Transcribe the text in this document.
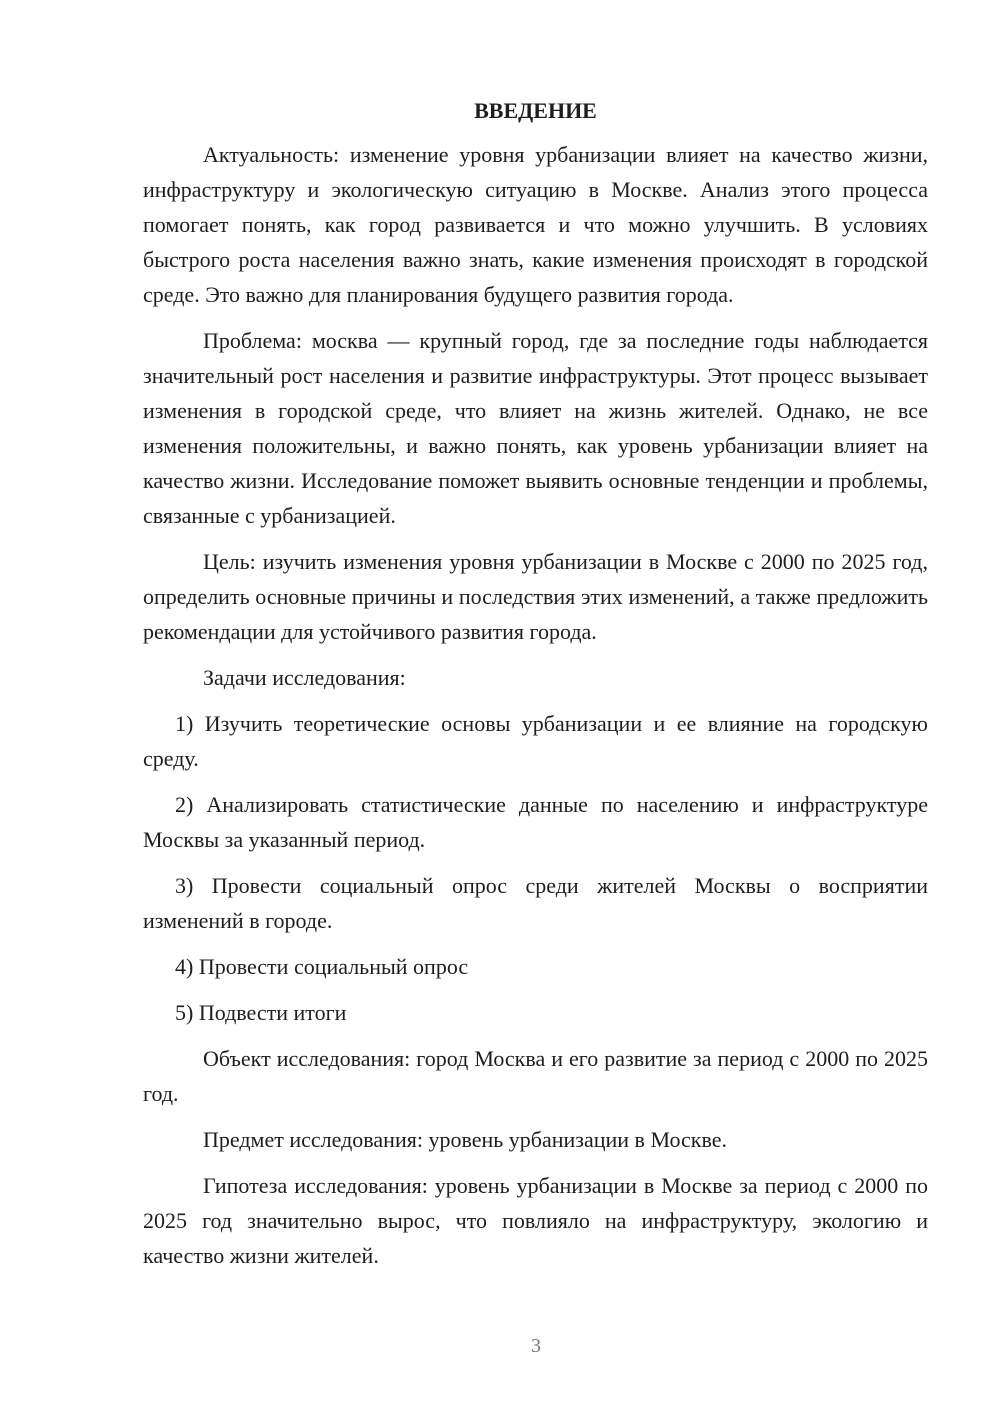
ВВЕДЕНИЕ

Актуальность: изменение уровня урбанизации влияет на качество жизни, инфраструктуру и экологическую ситуацию в Москве. Анализ этого процесса помогает понять, как город развивается и что можно улучшить. В условиях быстрого роста населения важно знать, какие изменения происходят в городской среде. Это важно для планирования будущего развития города.

Проблема: москва — крупный город, где за последние годы наблюдается значительный рост населения и развитие инфраструктуры. Этот процесс вызывает изменения в городской среде, что влияет на жизнь жителей. Однако, не все изменения положительны, и важно понять, как уровень урбанизации влияет на качество жизни. Исследование поможет выявить основные тенденции и проблемы, связанные с урбанизацией.

Цель: изучить изменения уровня урбанизации в Москве с 2000 по 2025 год, определить основные причины и последствия этих изменений, а также предложить рекомендации для устойчивого развития города.

Задачи исследования:

1) Изучить теоретические основы урбанизации и ее влияние на городскую среду.

2) Анализировать статистические данные по населению и инфраструктуре Москвы за указанный период.

3) Провести социальный опрос среди жителей Москвы о восприятии изменений в городе.

4) Провести социальный опрос

5) Подвести итоги

Объект исследования: город Москва и его развитие за период с 2000 по 2025 год.

Предмет исследования: уровень урбанизации в Москве.

Гипотеза исследования: уровень урбанизации в Москве за период с 2000 по 2025 год значительно вырос, что повлияло на инфраструктуру, экологию и качество жизни жителей.

3
